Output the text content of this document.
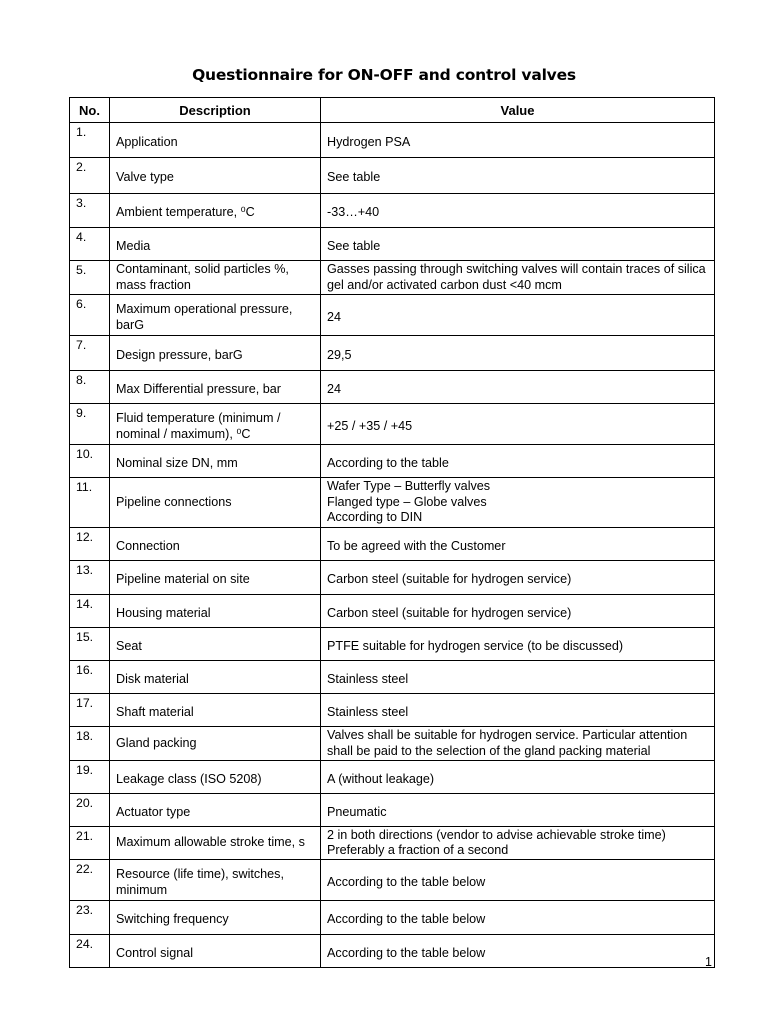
Questionnaire for ON-OFF and control valves
No.	Description	Value
1.	Application	Hydrogen PSA

2.	Valve type	See table

3.	Ambient temperature, ⁰C	-33…+40

4.	Media	See table

5.	Contaminant, solid particles %, mass fraction	Gasses passing through switching valves will contain traces of silica gel and/or activated carbon dust <40 mcm

6.	Maximum operational pressure, barG	24

7.	Design pressure, barG	29,5

8.	Max Differential pressure, bar	24

9.	Fluid temperature (minimum / nominal / maximum), ⁰C	+25 / +35 / +45

10.	Nominal size DN, mm	According to the table

11.	Pipeline connections	Wafer Type – Butterfly valves
Flanged type – Globe valves
According to DIN

12.	Connection	To be agreed with the Customer

13.	Pipeline material on site	Carbon steel (suitable for hydrogen service)

14.	Housing material	Carbon steel (suitable for hydrogen service)

15.	Seat	PTFE suitable for hydrogen service (to be discussed)

16.	Disk material	Stainless steel

17.	Shaft material	Stainless steel

18.	Gland packing	Valves shall be suitable for hydrogen service. Particular attention shall be paid to the selection of the gland packing material

19.	Leakage class (ISO 5208)	A (without leakage)

20.	Actuator type	Pneumatic

21.	Maximum allowable stroke time, s	2 in both directions (vendor to advise achievable stroke time)
Preferably a fraction of a second

22.	Resource (life time), switches, minimum	According to the table below

23.	Switching frequency	According to the table below

24.	Control signal	According to the table below
1
